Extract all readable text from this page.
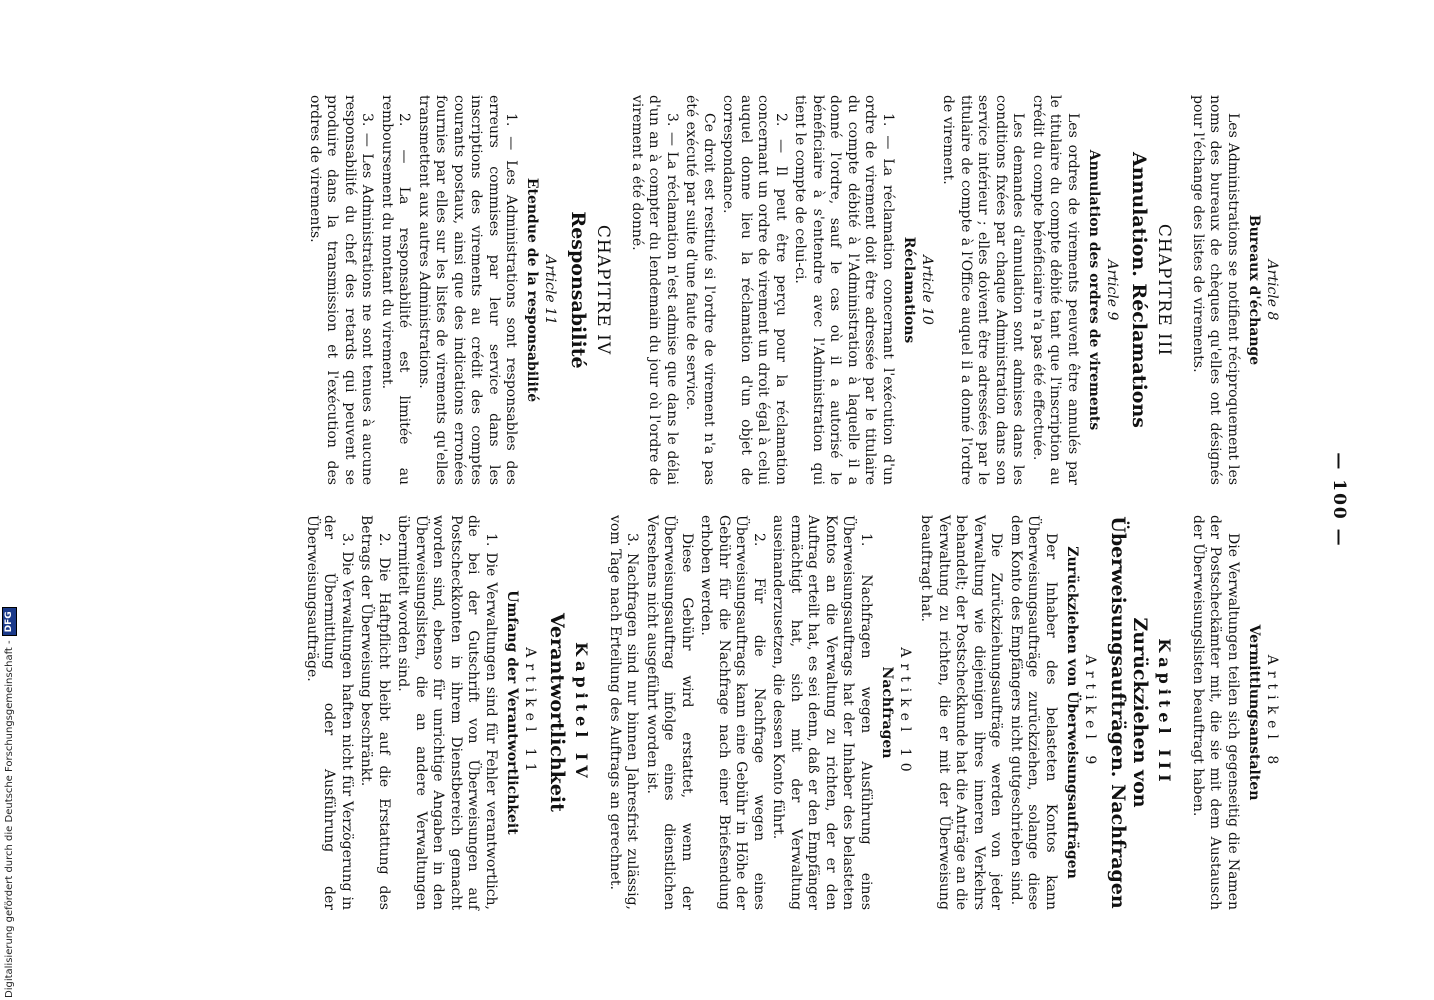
— 100 —
Article 8
Bureaux d'échange

Les Administrations se notifient réciproquement les noms des bureaux de chèques qu'elles ont désignés pour l'échange des listes de virements.

CHAPITRE III
Annulation. Réclamations
Article 9
Annulation des ordres de virements

Les ordres de virements peuvent être annulés par le titulaire du compte débité tant que l'inscription au crédit du compte bénéficiaire n'a pas été effectuée.

Les demandes d'annulation sont admises dans les conditions fixées par chaque Administration dans son service intérieur ; elles doivent être adressées par le titulaire de compte à l'Office auquel il a donné l'ordre de virement.

Article 10
Réclamations

1. — La réclamation concernant l'exécution d'un ordre de virement doit être adressée par le titulaire du compte débité à l'Administration à laquelle il a donné l'ordre, sauf le cas où il a autorisé le bénéficiaire à s'entendre avec l'Administration qui tient le compte de celui-ci.

2. — Il peut être perçu pour la réclamation concernant un ordre de virement un droit égal à celui auquel donne lieu la réclamation d'un objet de correspondance.

Ce droit est restitué si l'ordre de virement n'a pas été exécuté par suite d'une faute de service.

3. — La réclamation n'est admise que dans le délai d'un an à compter du lendemain du jour où l'ordre de virement a été donné.

CHAPITRE IV
Responsabilité
Article 11
Etendue de la responsabilité

1. — Les Administrations sont responsables des erreurs commises par leur service dans les inscriptions des virements au crédit des comptes courants postaux, ainsi que des indications erronées fournies par elles sur les listes de virements qu'elles transmettent aux autres Administrations.

2. — La responsabilité est limitée au remboursement du montant du virement.

3. — Les Administrations ne sont tenues à aucune responsabilité du chef des retards qui peuvent se produire dans la transmission et l'exécution des ordres de virements.

Artikel 8
Vermittlungsanstalten

Die Verwaltungen teilen sich gegenseitig die Namen der Postscheckämter mit, die sie mit dem Austausch der Überweisungslisten beauftragt haben.

Kapitel III
Zurückziehen von Überweisungsaufträgen. Nachfragen
Artikel 9
Zurückziehen von Überweisungsaufträgen

Der Inhaber des belasteten Kontos kann Überweisungsaufträge zurückziehen, solange diese dem Konto des Empfängers nicht gutgeschrieben sind.

Die Zurückziehungsaufträge werden von jeder Verwaltung wie diejenigen ihres inneren Verkehrs behandelt; der Postscheckkunde hat die Anträge an die Verwaltung zu richten, die er mit der Überweisung beauftragt hat.

Artikel 10
Nachfragen

1. Nachfragen wegen Ausführung eines Überweisungsauftrags hat der Inhaber des belasteten Kontos an die Verwaltung zu richten, der er den Auftrag erteilt hat, es sei denn, daß er den Empfänger ermächtigt hat, sich mit der Verwaltung auseinanderzusetzen, die dessen Konto führt.

2. Für die Nachfrage wegen eines Überweisungsauftrags kann eine Gebühr in Höhe der Gebühr für die Nachfrage nach einer Briefsendung erhoben werden.

Diese Gebühr wird erstattet, wenn der Überweisungsauftrag infolge eines dienstlichen Versehens nicht ausgeführt worden ist.

3. Nachfragen sind nur binnen Jahresfrist zulässig, vom Tage nach Erteilung des Auftrags an gerechnet.

Kapitel IV
Verantwortlichkeit
Artikel 11
Umfang der Verantwortlichkeit

1. Die Verwaltungen sind für Fehler verantwortlich, die bei der Gutschrift von Überweisungen auf Postscheckkonten in ihrem Dienstbereich gemacht worden sind, ebenso für unrichtige Angaben in den Überweisungslisten, die an andere Verwaltungen übermittelt worden sind.

2. Die Haftpflicht bleibt auf die Erstattung des Betrags der Überweisung beschränkt.

3. Die Verwaltungen haften nicht für Verzögerung in der Übermittlung oder Ausführung der Überweisungsaufträge.

Digitalisierung gefördert durch die Deutsche Forschungsgemeinschaft -
DFG
